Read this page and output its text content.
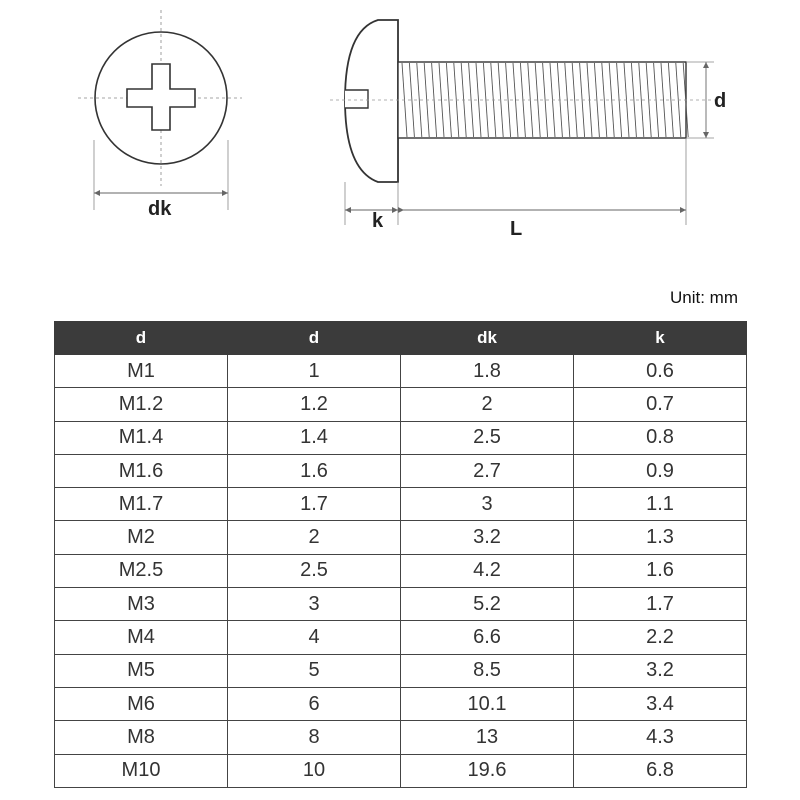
dk
k	L
d
Unit: mm
d	d	dk	k
M1	1	1.8	0.6
M1.2	1.2	2	0.7
M1.4	1.4	2.5	0.8
M1.6	1.6	2.7	0.9
M1.7	1.7	3	1.1
M2	2	3.2	1.3
M2.5	2.5	4.2	1.6
M3	3	5.2	1.7
M4	4	6.6	2.2
M5	5	8.5	3.2
M6	6	10.1	3.4
M8	8	13	4.3
M10	10	19.6	6.8
